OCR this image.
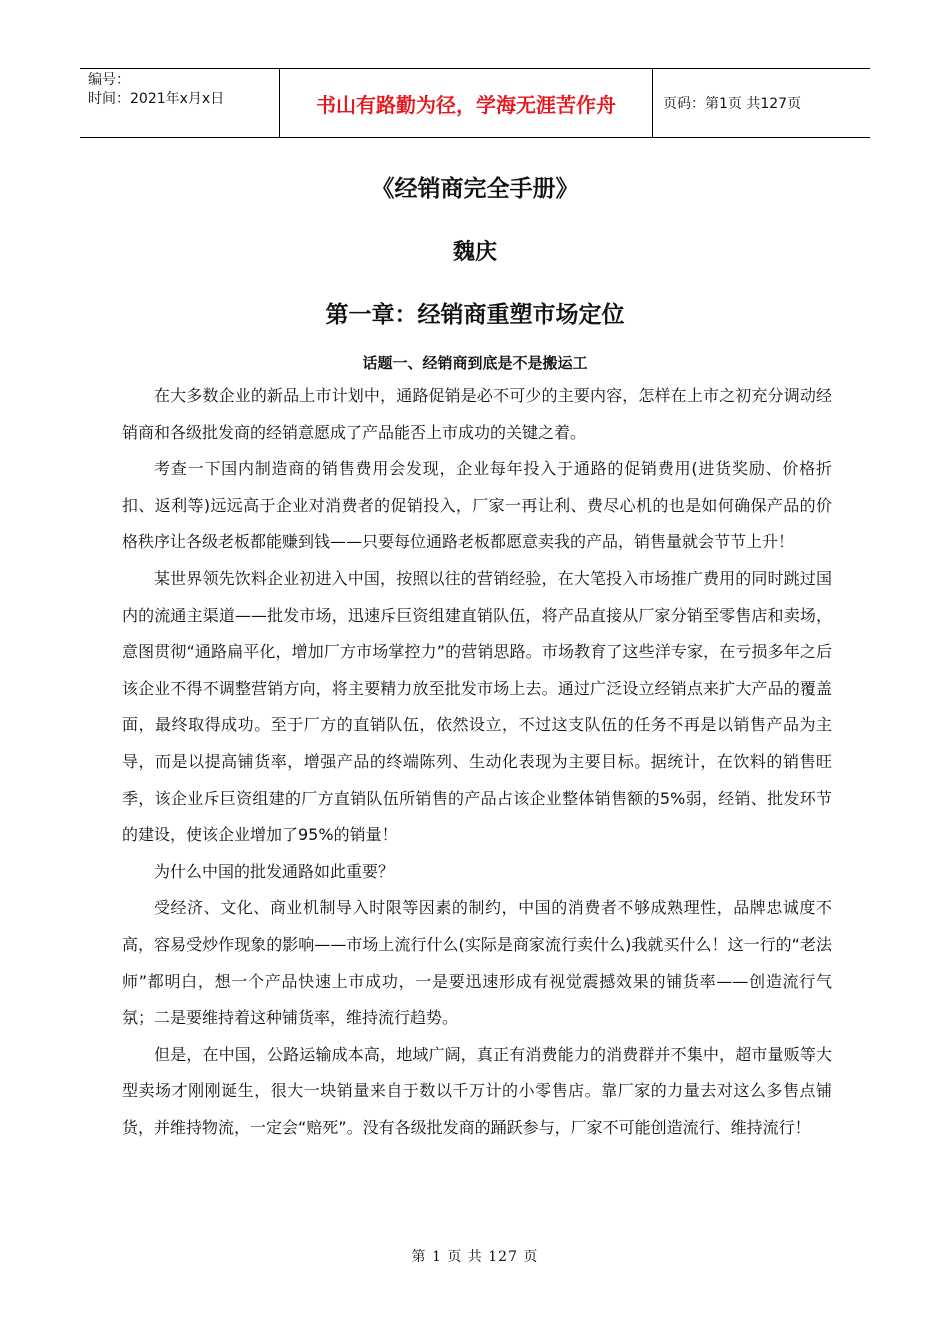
编号：
时间：2021年x月x日	书山有路勤为径，学海无涯苦作舟	页码：第1页 共127页
《经销商完全手册》
魏庆
第一章：经销商重塑市场定位
话题一、经销商到底是不是搬运工

在大多数企业的新品上市计划中，通路促销是必不可少的主要内容，怎样在上市之初充分调动经销商和各级批发商的经销意愿成了产品能否上市成功的关键之着。

考查一下国内制造商的销售费用会发现，企业每年投入于通路的促销费用(进货奖励、价格折扣、返利等)远远高于企业对消费者的促销投入，厂家一再让利、费尽心机的也是如何确保产品的价格秩序让各级老板都能赚到钱——只要每位通路老板都愿意卖我的产品，销售量就会节节上升！

某世界领先饮料企业初进入中国，按照以往的营销经验，在大笔投入市场推广费用的同时跳过国内的流通主渠道——批发市场，迅速斥巨资组建直销队伍，将产品直接从厂家分销至零售店和卖场，意图贯彻“通路扁平化，增加厂方市场掌控力”的营销思路。市场教育了这些洋专家，在亏损多年之后该企业不得不调整营销方向，将主要精力放至批发市场上去。通过广泛设立经销点来扩大产品的覆盖面，最终取得成功。至于厂方的直销队伍，依然设立，不过这支队伍的任务不再是以销售产品为主导，而是以提高铺货率，增强产品的终端陈列、生动化表现为主要目标。据统计，在饮料的销售旺季，该企业斥巨资组建的厂方直销队伍所销售的产品占该企业整体销售额的5%弱，经销、批发环节的建设，使该企业增加了95%的销量！

为什么中国的批发通路如此重要？

受经济、文化、商业机制导入时限等因素的制约，中国的消费者不够成熟理性，品牌忠诚度不高，容易受炒作现象的影响——市场上流行什么(实际是商家流行卖什么)我就买什么！这一行的“老法师”都明白，想一个产品快速上市成功，一是要迅速形成有视觉震撼效果的铺货率——创造流行气氛；二是要维持着这种铺货率，维持流行趋势。

但是，在中国，公路运输成本高，地域广阔，真正有消费能力的消费群并不集中，超市量贩等大型卖场才刚刚诞生，很大一块销量来自于数以千万计的小零售店。靠厂家的力量去对这么多售点铺货，并维持物流，一定会“赔死”。没有各级批发商的踊跃参与，厂家不可能创造流行、维持流行！

第 1 页 共 127 页
